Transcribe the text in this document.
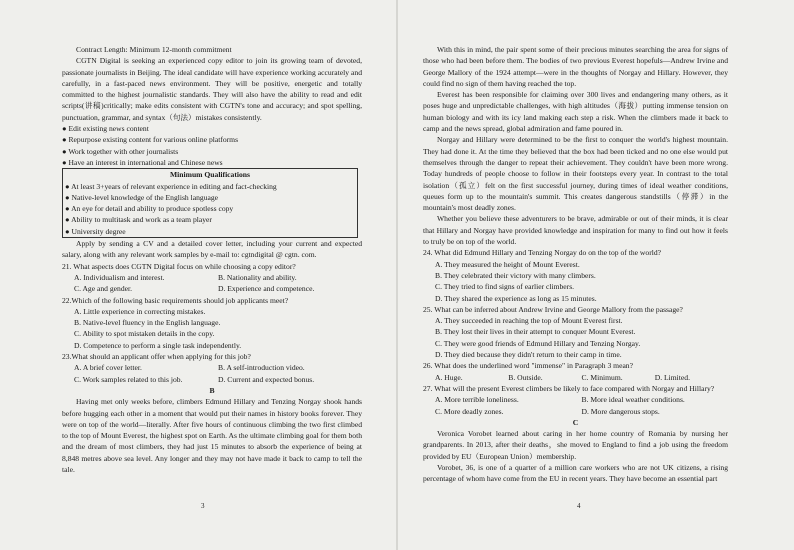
Contract Length: Minimum 12-month commitment

CGTN Digital is seeking an experienced copy editor to join its growing team of devoted, passionate journalists in Beijing. The ideal candidate will have experience working accurately and carefully, in a fast-paced news environment. They will be positive, energetic and totally committed to the highest journalistic standards. They will also have the ability to read and edit scripts(讲稿)critically; make edits consistent with CGTN's tone and accuracy; and spot spelling, punctuation, grammar, and syntax（句法）mistakes consistently.

● Edit existing news content

● Repurpose existing content for various online platforms

● Work together with other journalists

● Have an interest in international and Chinese news

Minimum Qualifications

● At least 3+years of relevant experience in editing and fact-checking

● Native-level knowledge of the English language

● An eye for detail and ability to produce spotless copy

● Ability to multitask and work as a team player

● University degree

Apply by sending a CV and a detailed cover letter, including your current and expected salary, along with any relevant work samples by e-mail to: cgtndigital @ cgtn. com.

21. What aspects does CGTN Digital focus on while choosing a copy editor?

A. Individualism and interest.	B. Nationality and ability.
C. Age and gender.	D. Experience and competence.

22.Which of the following basic requirements should job applicants meet?

A. Little experience in correcting mistakes.

B. Native-level fluency in the English language.

C. Ability to spot mistaken details in the copy.

D. Competence to perform a single task independently.

23.What should an applicant offer when applying for this job?

A. A brief cover letter.	B. A self-introduction video.
C. Work samples related to this job.	D. Current and expected bonus.

B

Having met only weeks before, climbers Edmund Hillary and Tenzing Norgay shook hands before hugging each other in a moment that would put their names in history books forever. They were on top of the world—literally. After five hours of continuous climbing the two first climbed to the top of Mount Everest, the highest spot on Earth. As the ultimate climbing goal for them both and the dream of most climbers, they had just 15 minutes to absorb the experience of being at 8,848 metres above sea level. Any longer and they may not have made it back to camp to tell the tale.

3

With this in mind, the pair spent some of their precious minutes searching the area for signs of those who had been before them. The bodies of two previous Everest hopefuls—Andrew Irvine and George Mallory of the 1924 attempt—were in the thoughts of Norgay and Hillary. However, they could find no sign of them having reached the top.

Everest has been responsible for claiming over 300 lives and endangering many others, as it poses huge and unpredictable challenges, with high altitudes（海拔）putting immense tension on human biology and with its icy land making each step a risk. When the climbers made it back to camp and the news spread, global admiration and fame poured in.

Norgay and Hillary were determined to be the first to conquer the world's highest mountain. They had done it. At the time they believed that the box had been ticked and no one else would put themselves through the danger to repeat their achievement. They couldn't have been more wrong. Today hundreds of people choose to follow in their footsteps every year. In contrast to the total isolation（孤立）felt on the first successful journey, during times of ideal weather conditions, queues form up to the mountain's summit. This creates dangerous standstills（停滞）in the mountain's most deadly zones.

Whether you believe these adventurers to be brave, admirable or out of their minds, it is clear that Hillary and Norgay have provided knowledge and inspiration for many to find out how it feels to truly be on top of the world.

24. What did Edmund Hillary and Tenzing Norgay do on the top of the world?

A. They measured the height of Mount Everest.

B. They celebrated their victory with many climbers.

C. They tried to find signs of earlier climbers.

D. They shared the experience as long as 15 minutes.

25. What can be inferred about Andrew Irvine and George Mallory from the passage?

A. They succeeded in reaching the top of Mount Everest first.

B. They lost their lives in their attempt to conquer Mount Everest.

C. They were good friends of Edmund Hillary and Tenzing Norgay.

D. They died because they didn't return to their camp in time.

26. What does the underlined word "immense" in Paragraph 3 mean?

A. Huge.	B. Outside.	C. Minimum.	D. Limited.

27. What will the present Everest climbers be likely to face compared with Norgay and Hillary?

A. More terrible loneliness.	B. More ideal weather conditions.
C. More deadly zones.	D. More dangerous stops.

C

Veronica Vorobet learned about caring in her home country of Romania by nursing her grandparents. In 2013, after their deaths，she moved to England to find a job using the freedom provided by EU（European Union）membership.

Vorobet, 36, is one of a quarter of a million care workers who are not UK citizens, a rising percentage of whom have come from the EU in recent years. They have become an essential part

4
